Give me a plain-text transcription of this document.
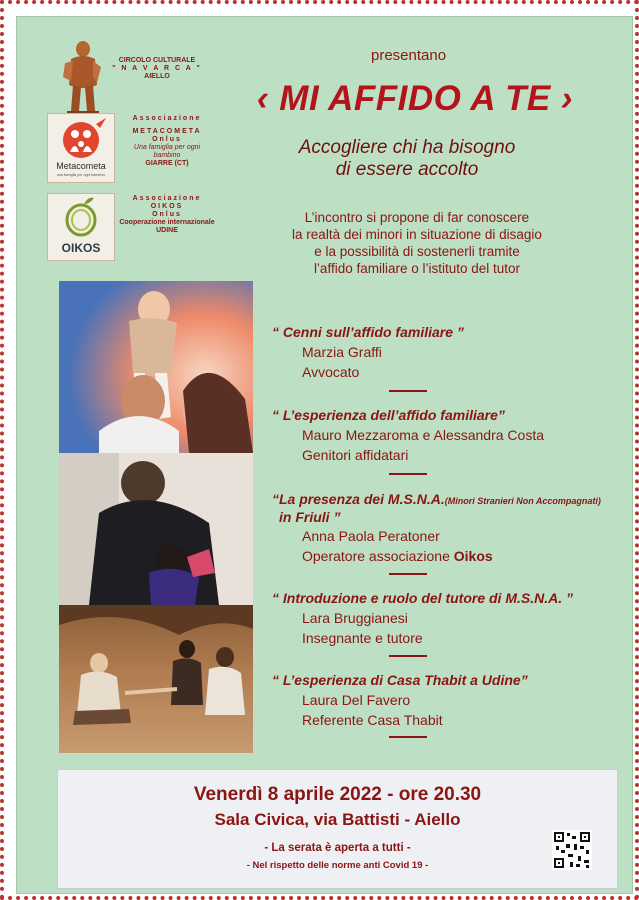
CIRCOLO CULTURALE
" N A V A R C A "
AIELLO
Metacometa
una famiglia per ogni bambino
Associazione
METACOMETA
Onlus
Una famiglia per ogni
bambino
GIARRE (CT)
OIKOS
Associazione
OIKOS
Onlus
Cooperazione internazionale
UDINE
presentano
‹ MI AFFIDO A TE ›
Accogliere chi ha bisogno
di essere accolto
L’incontro si propone di far conoscere
la realtà dei minori in situazione di disagio
e la possibilità di sostenerli tramite
l’affido familiare o l’istituto del tutor
“ Cenni sull’affido familiare ”
Marzia Graffi
Avvocato
“ L’esperienza dell’affido familiare”
Mauro Mezzaroma e Alessandra Costa
Genitori affidatari
“La presenza dei M.S.N.A.(Minori Stranieri Non Accompagnati)
in Friuli ”
Anna Paola Peratoner
Operatore associazione Oikos
“ Introduzione e ruolo del tutore di M.S.N.A. ”
Lara Bruggianesi
Insegnante e tutore
“ L’esperienza di Casa Thabit a Udine”
Laura Del Favero
Referente Casa Thabit
Venerdì 8 aprile 2022 - ore 20.30
Sala Civica, via Battisti - Aiello
- La serata è aperta a tutti -
- Nel rispetto delle norme anti Covid 19 -
